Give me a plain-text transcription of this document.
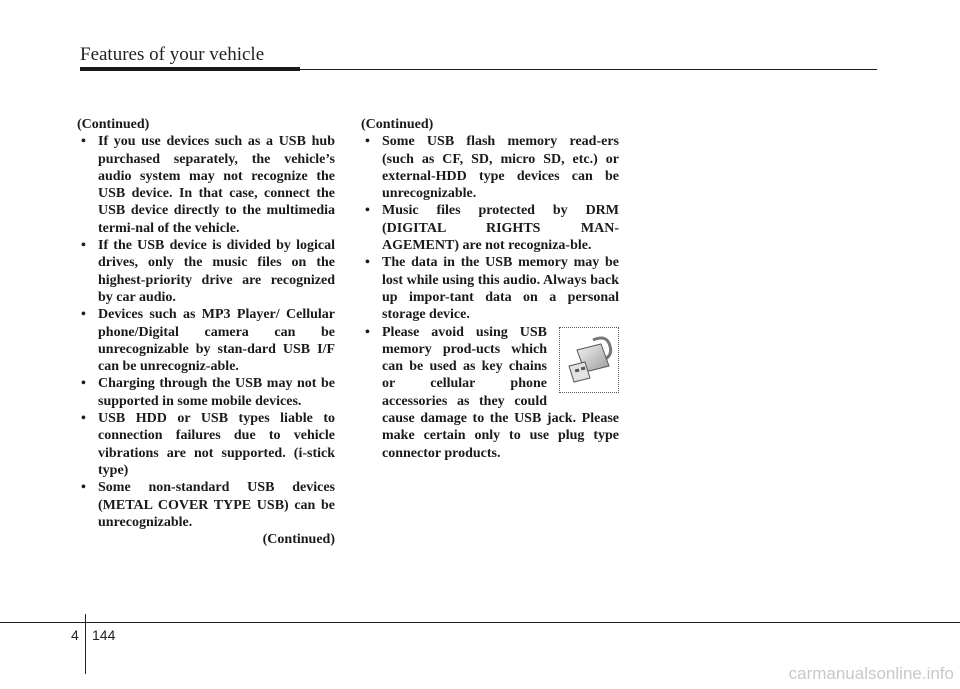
Features of your vehicle
(Continued)

• If you use devices such as a USB hub purchased separately, the vehicle’s audio system may not recognize the USB device. In that case, connect the USB device directly to the multimedia termi-nal of the vehicle.

• If the USB device is divided by logical drives, only the music files on the highest-priority drive are recognized by car audio.

• Devices such as MP3 Player/ Cellular phone/Digital camera can be unrecognizable by stan-dard USB I/F can be unrecogniz-able.

• Charging through the USB may not be supported in some mobile devices.

• USB HDD or USB types liable to connection failures due to vehicle vibrations are not supported. (i-stick type)

• Some non-standard USB devices (METAL COVER TYPE USB) can be unrecognizable.

(Continued)
(Continued)

• Some USB flash memory read-ers (such as CF, SD, micro SD, etc.) or external-HDD type devices can be unrecognizable.

• Music files protected by DRM (DIGITAL RIGHTS MAN-AGEMENT) are not recogniza-ble.

• The data in the USB memory may be lost while using this audio. Always back up impor-tant data on a personal storage device.

• Please avoid using USB memory prod-ucts which can be used as key chains or cellular phone accessories as they could cause damage to the USB jack. Please make certain only to use plug type connector products.

4 144
carmanualsonline.info
